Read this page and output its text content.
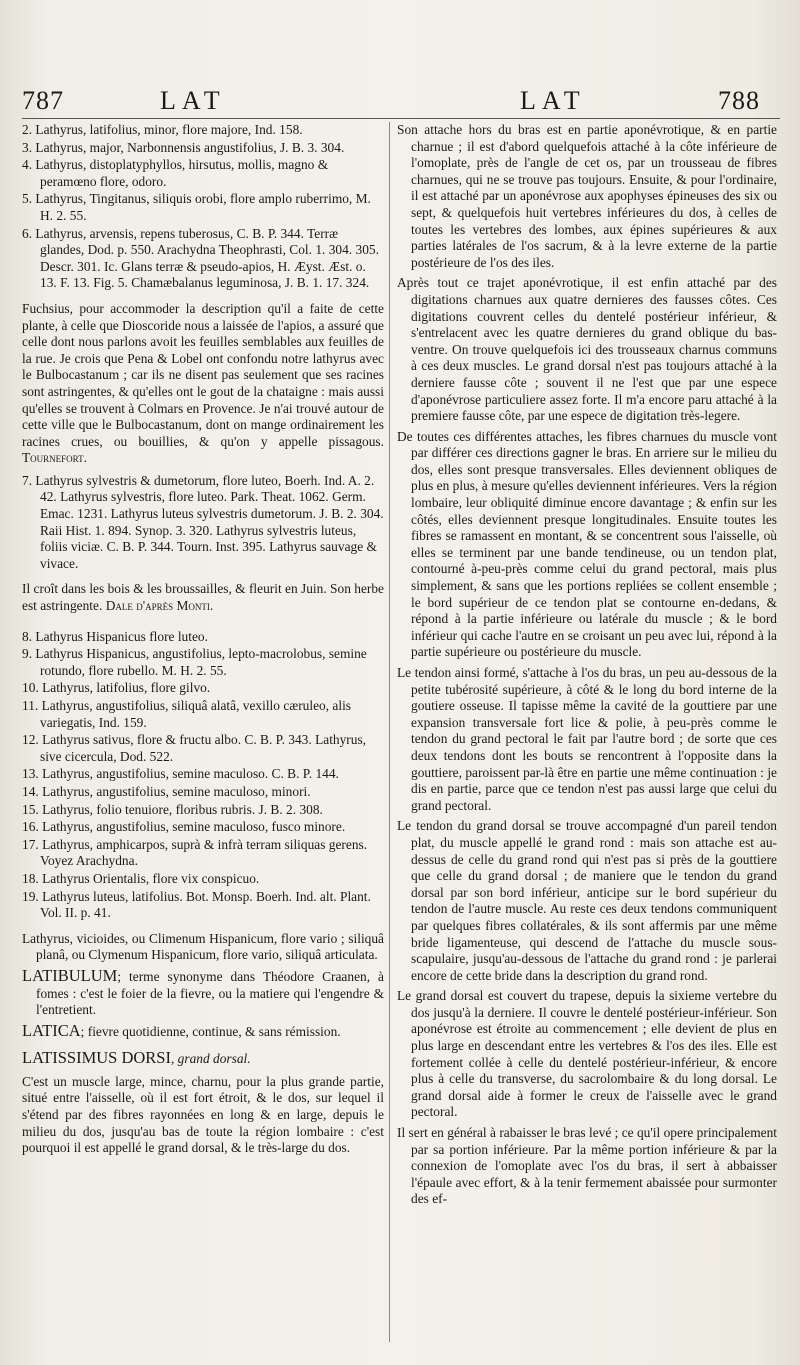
787	LAT	LAT	788

2. Lathyrus, latifolius, minor, flore majore, Ind. 158.

3. Lathyrus, major, Narbonnensis angustifolius, J. B. 3. 304.

4. Lathyrus, distoplatyphyllos, hirsutus, mollis, magno & peramœno flore, odoro.

5. Lathyrus, Tingitanus, siliquis orobi, flore amplo ruberrimo, M. H. 2. 55.

6. Lathyrus, arvensis, repens tuberosus, C. B. P. 344. Terræ glandes, Dod. p. 550. Arachydna Theophrasti, Col. 1. 304. 305. Descr. 301. Ic. Glans terræ & pseudo-apios, H. Æyst. Æst. o. 13. F. 13. Fig. 5. Chamæbalanus leguminosa, J. B. 1. 17. 324.

Fuchsius, pour accommoder la description qu'il a faite de cette plante, à celle que Dioscoride nous a laissée de l'apios, a assuré que celle dont nous parlons avoit les feuilles semblables aux feuilles de la rue. Je crois que Pena & Lobel ont confondu notre lathyrus avec le Bulbocastanum ; car ils ne disent pas seulement que ses racines sont astringentes, & qu'elles ont le gout de la chataigne : mais aussi qu'elles se trouvent à Colmars en Provence. Je n'ai trouvé autour de cette ville que le Bulbocastanum, dont on mange ordinairement les racines crues, ou bouillies, & qu'on y appelle pissagous. Tournefort.

7. Lathyrus sylvestris & dumetorum, flore luteo, Boerh. Ind. A. 2. 42. Lathyrus sylvestris, flore luteo. Park. Theat. 1062. Germ. Emac. 1231. Lathyrus luteus sylvestris dumetorum. J. B. 2. 304. Raii Hist. 1. 894. Synop. 3. 320. Lathyrus sylvestris luteus, foliis viciæ. C. B. P. 344. Tourn. Inst. 395. Lathyrus sauvage & vivace.

Il croît dans les bois & les broussailles, & fleurit en Juin. Son herbe est astringente. Dale d'après Monti.

8. Lathyrus Hispanicus flore luteo.

9. Lathyrus Hispanicus, angustifolius, lepto-macrolobus, semine rotundo, flore rubello. M. H. 2. 55.

10. Lathyrus, latifolius, flore gilvo.

11. Lathyrus, angustifolius, siliquâ alatâ, vexillo cæruleo, alis variegatis, Ind. 159.

12. Lathyrus sativus, flore & fructu albo. C. B. P. 343. Lathyrus, sive cicercula, Dod. 522.

13. Lathyrus, angustifolius, semine maculoso. C. B. P. 144.

14. Lathyrus, angustifolius, semine maculoso, minori.

15. Lathyrus, folio tenuiore, floribus rubris. J. B. 2. 308.

16. Lathyrus, angustifolius, semine maculoso, fusco minore.

17. Lathyrus, amphicarpos, suprà & infrà terram siliquas gerens. Voyez Arachydna.

18. Lathyrus Orientalis, flore vix conspicuo.

19. Lathyrus luteus, latifolius. Bot. Monsp. Boerh. Ind. alt. Plant. Vol. II. p. 41.

Lathyrus, vicioides, ou Climenum Hispanicum, flore vario ; siliquâ planâ, ou Clymenum Hispanicum, flore vario, siliquâ articulata.

LATIBULUM; terme synonyme dans Théodore Craanen, à fomes : c'est le foier de la fievre, ou la matiere qui l'engendre & l'entretient.

LATICA; fievre quotidienne, continue, & sans rémission.

LATISSIMUS DORSI, grand dorsal.

C'est un muscle large, mince, charnu, pour la plus grande partie, situé entre l'aisselle, où il est fort étroit, & le dos, sur lequel il s'étend par des fibres rayonnées en long & en large, depuis le milieu du dos, jusqu'au bas de toute la région lombaire : c'est pourquoi il est appellé le grand dorsal, & le très-large du dos.

Son attache hors du bras est en partie aponévrotique, & en partie charnue ; il est d'abord quelquefois attaché à la côte inférieure de l'omoplate, près de l'angle de cet os, par un trousseau de fibres charnues, qui ne se trouve pas toujours. Ensuite, & pour l'ordinaire, il est attaché par un aponévrose aux apophyses épineuses des six ou sept, & quelquefois huit vertebres inférieures du dos, à celles de toutes les vertebres des lombes, aux épines supérieures & aux parties latérales de l'os sacrum, & à la levre externe de la partie postérieure de l'os des iles.

Après tout ce trajet aponévrotique, il est enfin attaché par des digitations charnues aux quatre dernieres des fausses côtes. Ces digitations couvrent celles du dentelé postérieur inférieur, & s'entrelacent avec les quatre dernieres du grand oblique du bas-ventre. On trouve quelquefois ici des trousseaux charnus communs à ces deux muscles. Le grand dorsal n'est pas toujours attaché à la derniere fausse côte ; souvent il ne l'est que par une espece d'aponévrose particuliere assez forte. Il m'a encore paru attaché à la premiere fausse côte, par une espece de digitation très-legere.

De toutes ces différentes attaches, les fibres charnues du muscle vont par différer ces directions gagner le bras. En arriere sur le milieu du dos, elles sont presque transversales. Elles deviennent obliques de plus en plus, à mesure qu'elles deviennent inférieures. Vers la région lombaire, leur obliquité diminue encore davantage ; & enfin sur les côtés, elles deviennent presque longitudinales. Ensuite toutes les fibres se ramassent en montant, & se concentrent sous l'aisselle, où elles se terminent par une bande tendineuse, ou un tendon plat, contourné à-peu-près comme celui du grand pectoral, mais plus simplement, & sans que les portions repliées se collent ensemble ; le bord supérieur de ce tendon plat se contourne en-dedans, & répond à la partie inférieure ou latérale du muscle ; & le bord inférieur qui cache l'autre en se croisant un peu avec lui, répond à la partie supérieure ou postérieure du muscle.

Le tendon ainsi formé, s'attache à l'os du bras, un peu au-dessous de la petite tubérosité supérieure, à côté & le long du bord interne de la goutiere osseuse. Il tapisse même la cavité de la gouttiere par une expansion transversale fort lice & polie, à peu-près comme le tendon du grand pectoral le fait par l'autre bord ; de sorte que ces deux tendons dont les bouts se rencontrent à l'opposite dans la gouttiere, paroissent par-là être en partie une même continuation : je dis en partie, parce que ce tendon n'est pas aussi large que celui du grand pectoral.

Le tendon du grand dorsal se trouve accompagné d'un pareil tendon plat, du muscle appellé le grand rond : mais son attache est au-dessus de celle du grand rond qui n'est pas si près de la gouttiere que celle du grand dorsal ; de maniere que le tendon du grand dorsal par son bord inférieur, anticipe sur le bord supérieur du tendon de l'autre muscle. Au reste ces deux tendons communiquent par quelques fibres collatérales, & ils sont affermis par une même bride ligamenteuse, qui descend de l'attache du muscle sous-scapulaire, jusqu'au-dessous de l'attache du grand rond : je parlerai encore de cette bride dans la description du grand rond.

Le grand dorsal est couvert du trapese, depuis la sixieme vertebre du dos jusqu'à la derniere. Il couvre le dentelé postérieur-inférieur. Son aponévrose est étroite au commencement ; elle devient de plus en plus large en descendant entre les vertebres & l'os des iles. Elle est fortement collée à celle du dentelé postérieur-inférieur, & encore plus à celle du transverse, du sacrolombaire & du long dorsal. Le grand dorsal aide à former le creux de l'aisselle avec le grand pectoral.

Il sert en général à rabaisser le bras levé ; ce qu'il opere principalement par sa portion inférieure. Par la même portion inférieure & par la connexion de l'omoplate avec l'os du bras, il sert à abbaisser l'épaule avec effort, & à la tenir fermement abaissée pour surmonter des ef-
